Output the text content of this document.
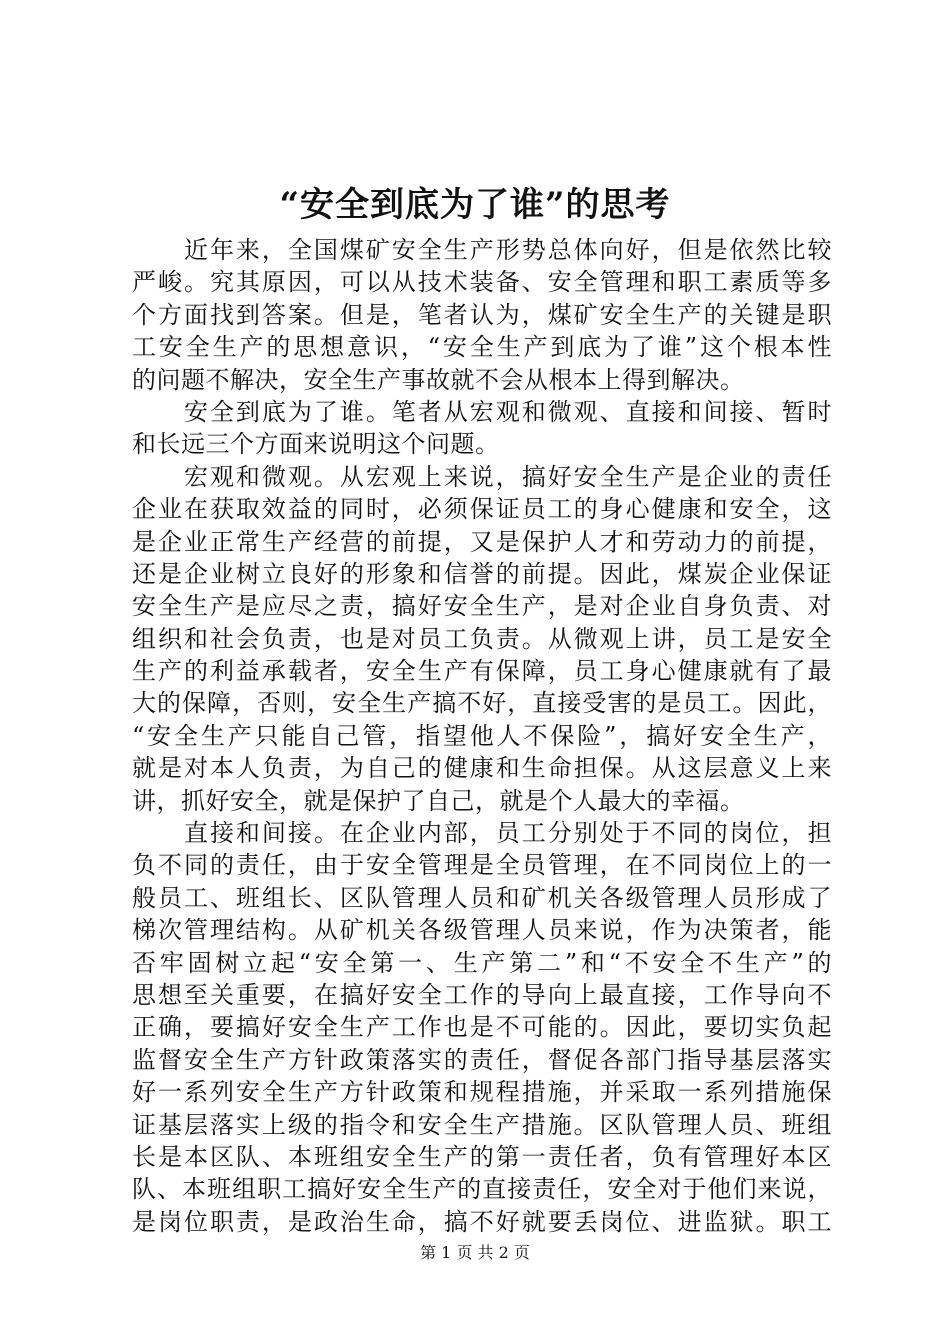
“安全到底为了谁”的思考
　　近年来，全国煤矿安全生产形势总体向好，但是依然比较
严峻。究其原因，可以从技术装备、安全管理和职工素质等多
个方面找到答案。但是，笔者认为，煤矿安全生产的关键是职
工安全生产的思想意识，“安全生产到底为了谁”这个根本性
的问题不解决，安全生产事故就不会从根本上得到解决。
　　安全到底为了谁。笔者从宏观和微观、直接和间接、暂时
和长远三个方面来说明这个问题。
　　宏观和微观。从宏观上来说，搞好安全生产是企业的责任
企业在获取效益的同时，必须保证员工的身心健康和安全，这
是企业正常生产经营的前提，又是保护人才和劳动力的前提，
还是企业树立良好的形象和信誉的前提。因此，煤炭企业保证
安全生产是应尽之责，搞好安全生产，是对企业自身负责、对
组织和社会负责，也是对员工负责。从微观上讲，员工是安全
生产的利益承载者，安全生产有保障，员工身心健康就有了最
大的保障，否则，安全生产搞不好，直接受害的是员工。因此，
“安全生产只能自己管，指望他人不保险”，搞好安全生产，
就是对本人负责，为自己的健康和生命担保。从这层意义上来
讲，抓好安全，就是保护了自己，就是个人最大的幸福。
　　直接和间接。在企业内部，员工分别处于不同的岗位，担
负不同的责任，由于安全管理是全员管理，在不同岗位上的一
般员工、班组长、区队管理人员和矿机关各级管理人员形成了
梯次管理结构。从矿机关各级管理人员来说，作为决策者，能
否牢固树立起“安全第一、生产第二”和“不安全不生产”的
思想至关重要，在搞好安全工作的导向上最直接，工作导向不
正确，要搞好安全生产工作也是不可能的。因此，要切实负起
监督安全生产方针政策落实的责任，督促各部门指导基层落实
好一系列安全生产方针政策和规程措施，并采取一系列措施保
证基层落实上级的指令和安全生产措施。区队管理人员、班组
长是本区队、本班组安全生产的第一责任者，负有管理好本区
队、本班组职工搞好安全生产的直接责任，安全对于他们来说，
是岗位职责，是政治生命，搞不好就要丢岗位、进监狱。职工
第 1 页 共 2 页
